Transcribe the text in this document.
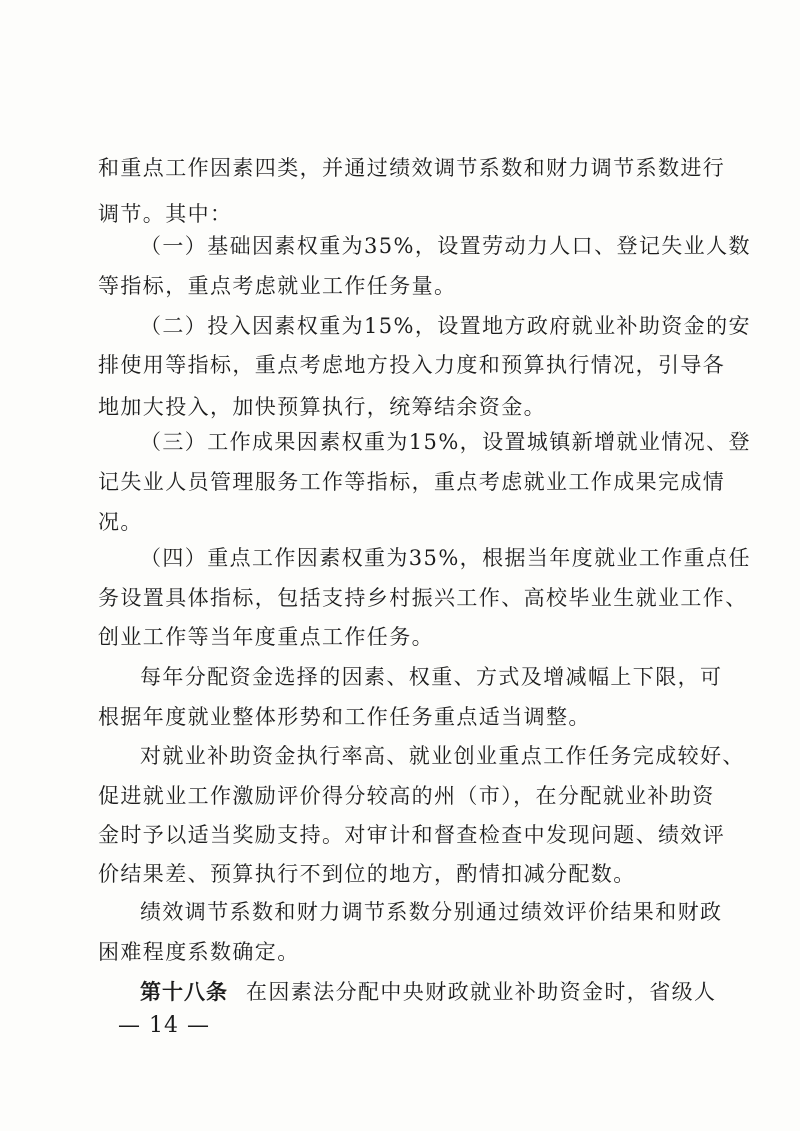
和重点工作因素四类，并通过绩效调节系数和财力调节系数进行
调节。其中：
（一）基础因素权重为35%，设置劳动力人口、登记失业人数
等指标，重点考虑就业工作任务量。
（二）投入因素权重为15%，设置地方政府就业补助资金的安
排使用等指标，重点考虑地方投入力度和预算执行情况，引导各
地加大投入，加快预算执行，统筹结余资金。
（三）工作成果因素权重为15%，设置城镇新增就业情况、登
记失业人员管理服务工作等指标，重点考虑就业工作成果完成情
况。
（四）重点工作因素权重为35%，根据当年度就业工作重点任
务设置具体指标，包括支持乡村振兴工作、高校毕业生就业工作、
创业工作等当年度重点工作任务。
每年分配资金选择的因素、权重、方式及增减幅上下限，可
根据年度就业整体形势和工作任务重点适当调整。
对就业补助资金执行率高、就业创业重点工作任务完成较好、
促进就业工作激励评价得分较高的州（市），在分配就业补助资
金时予以适当奖励支持。对审计和督查检查中发现问题、绩效评
价结果差、预算执行不到位的地方，酌情扣减分配数。
绩效调节系数和财力调节系数分别通过绩效评价结果和财政
困难程度系数确定。
第十八条 在因素法分配中央财政就业补助资金时，省级人
— 14 —
